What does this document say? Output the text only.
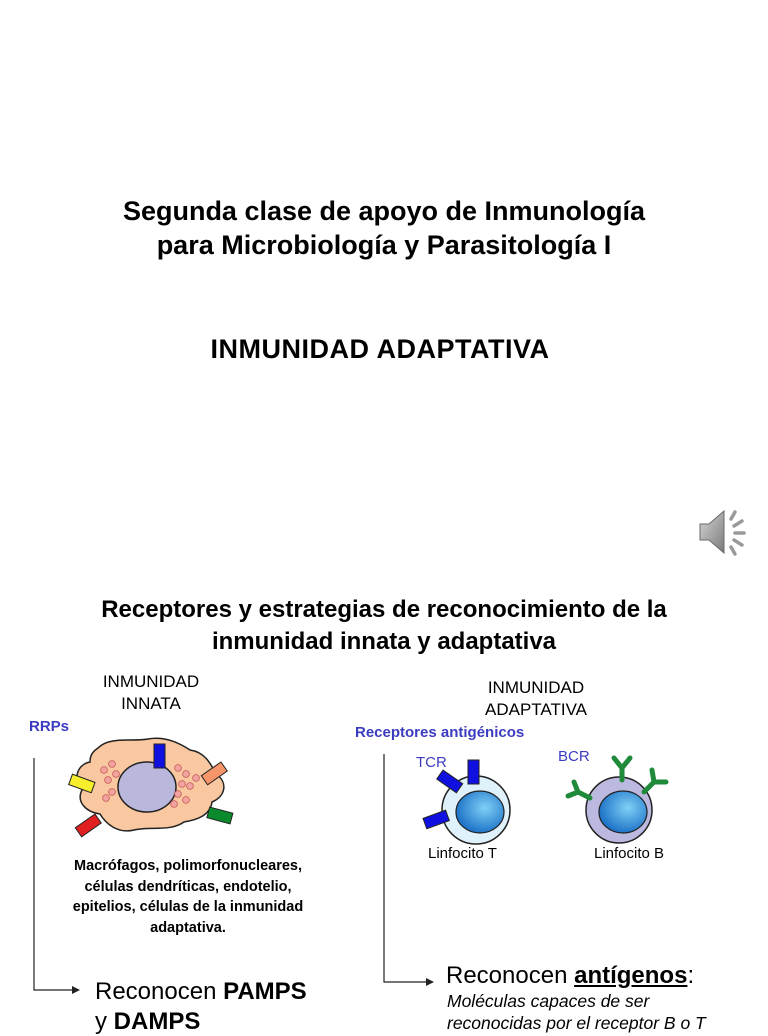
Segunda clase de apoyo de Inmunología
para Microbiología y Parasitología I
INMUNIDAD ADAPTATIVA
Receptores y estrategias de reconocimiento de la
inmunidad innata y adaptativa
INMUNIDAD
INNATA
RRPs
Macrófagos, polimorfonucleares,
células dendríticas, endotelio,
epitelios, células de la inmunidad
adaptativa.
Reconocen PAMPS
y DAMPS
INMUNIDAD
ADAPTATIVA
Receptores antigénicos
TCR	BCR
Linfocito T	Linfocito B
Reconocen antígenos:
Moléculas capaces de ser
reconocidas por el receptor B o T
